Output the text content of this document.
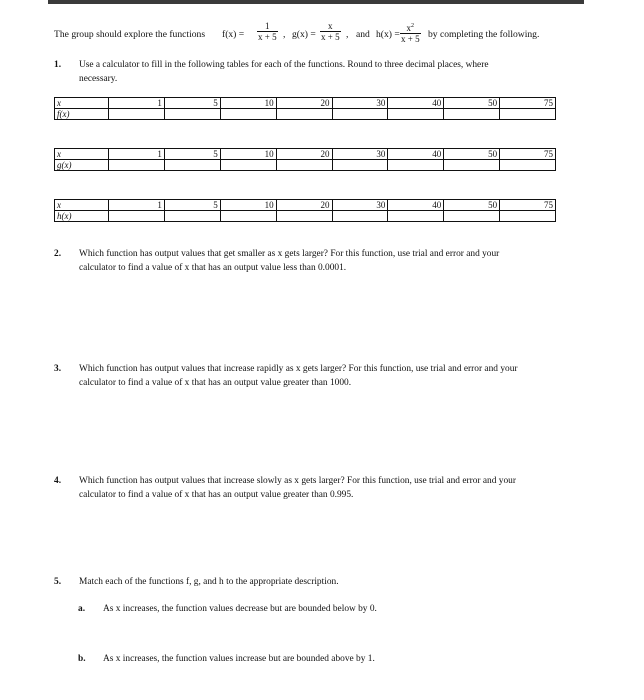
The group should explore the functions $f(x) = \frac{1}{x + 5}$ , $g(x) = \frac{x}{x + 5}$ , and $h(x) = \frac{x^2}{x + 5}$ by completing the following.
1. Use a calculator to fill in the following tables for each of the functions. Round to three decimal places, where
necessary.
x	1	5	10	20	30	40	50	75
f(x)								
x	1	5	10	20	30	40	50	75
g(x)								
x	1	5	10	20	30	40	50	75
h(x)								
2. Which function has output values that get smaller as x gets larger? For this function, use trial and error and your
calculator to find a value of x that has an output value less than 0.0001.
3. Which function has output values that increase rapidly as x gets larger? For this function, use trial and error and your
calculator to find a value of x that has an output value greater than 1000.
4. Which function has output values that increase slowly as x gets larger? For this function, use trial and error and your
calculator to find a value of x that has an output value greater than 0.995.
5. Match each of the functions f, g, and h to the appropriate description.
a. As x increases, the function values decrease but are bounded below by 0.
b. As x increases, the function values increase but are bounded above by 1.
